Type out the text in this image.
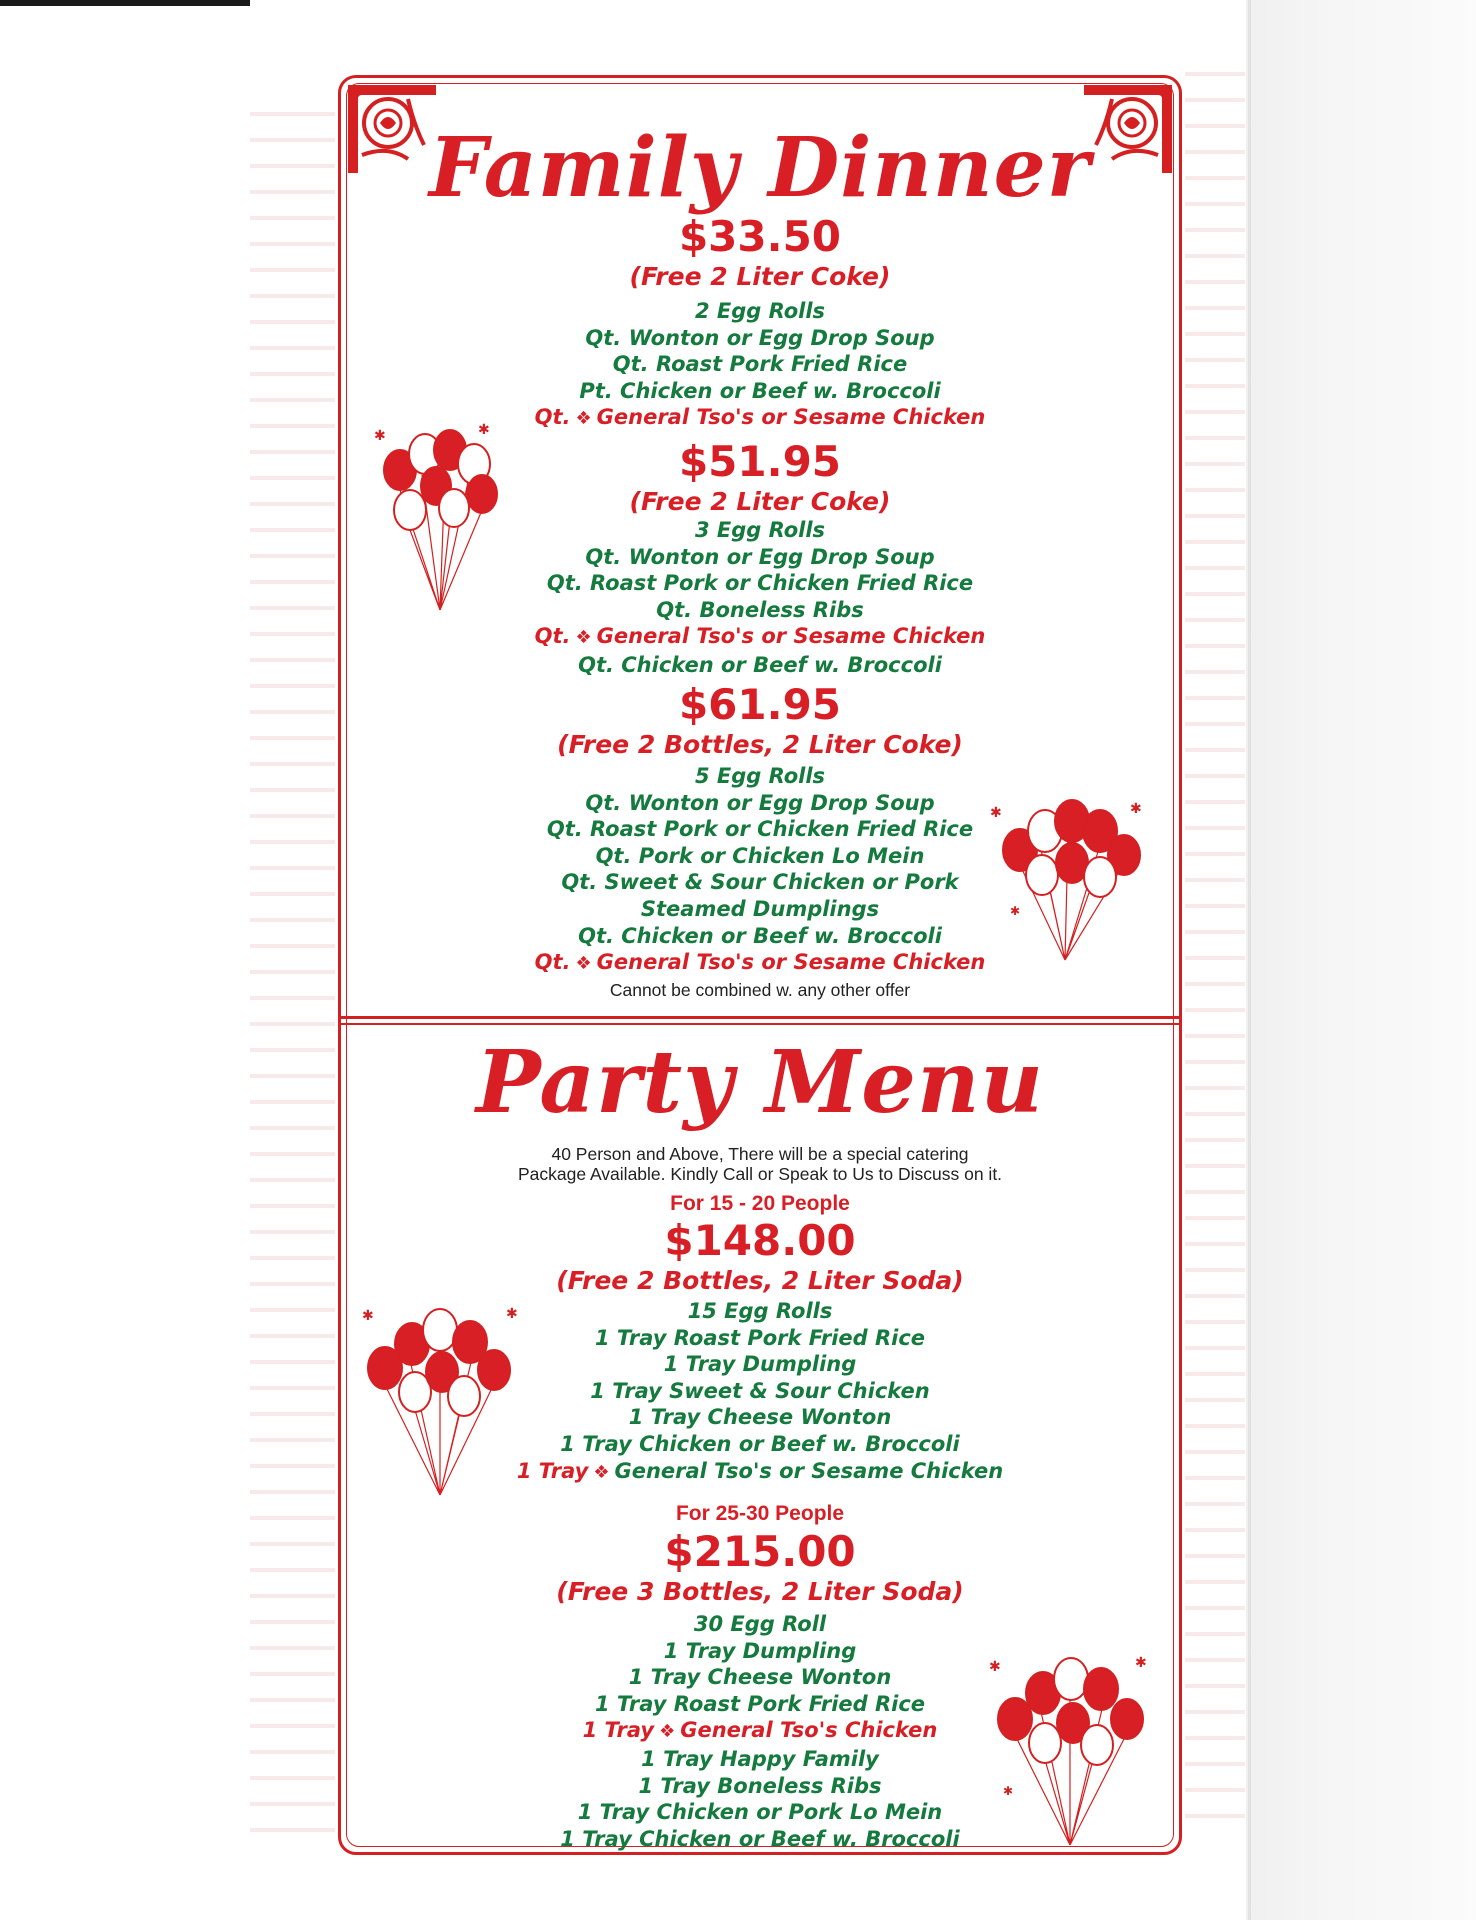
Family Dinner
$33.50
(Free 2 Liter Coke)
2 Egg Rolls
Qt. Wonton or Egg Drop Soup
Qt. Roast Pork Fried Rice
Pt. Chicken or Beef w. Broccoli
Qt. ❖ General Tso's or Sesame Chicken
$51.95
(Free 2 Liter Coke)
3 Egg Rolls
Qt. Wonton or Egg Drop Soup
Qt. Roast Pork or Chicken Fried Rice
Qt. Boneless Ribs
Qt. ❖ General Tso's or Sesame Chicken
Qt. Chicken or Beef w. Broccoli
$61.95
(Free 2 Bottles, 2 Liter Coke)
5 Egg Rolls
Qt. Wonton or Egg Drop Soup
Qt. Roast Pork or Chicken Fried Rice
Qt. Pork or Chicken Lo Mein
Qt. Sweet & Sour Chicken or Pork
Steamed Dumplings
Qt. Chicken or Beef w. Broccoli
Qt. ❖ General Tso's or Sesame Chicken
Cannot be combined w. any other offer
Party Menu
40 Person and Above, There will be a special catering
Package Available. Kindly Call or Speak to Us to Discuss on it.
For 15 - 20 People
$148.00
(Free 2 Bottles, 2 Liter Soda)
15 Egg Rolls
1 Tray Roast Pork Fried Rice
1 Tray Dumpling
1 Tray Sweet & Sour Chicken
1 Tray Cheese Wonton
1 Tray Chicken or Beef w. Broccoli
1 Tray ❖ General Tso's or Sesame Chicken
For 25-30 People
$215.00
(Free 3 Bottles, 2 Liter Soda)
30 Egg Roll
1 Tray Dumpling
1 Tray Cheese Wonton
1 Tray Roast Pork Fried Rice
1 Tray ❖ General Tso's Chicken
1 Tray Happy Family
1 Tray Boneless Ribs
1 Tray Chicken or Pork Lo Mein
1 Tray Chicken or Beef w. Broccoli
✱	✱
✱	✱
✱
✱	✱
✱	✱
✱
